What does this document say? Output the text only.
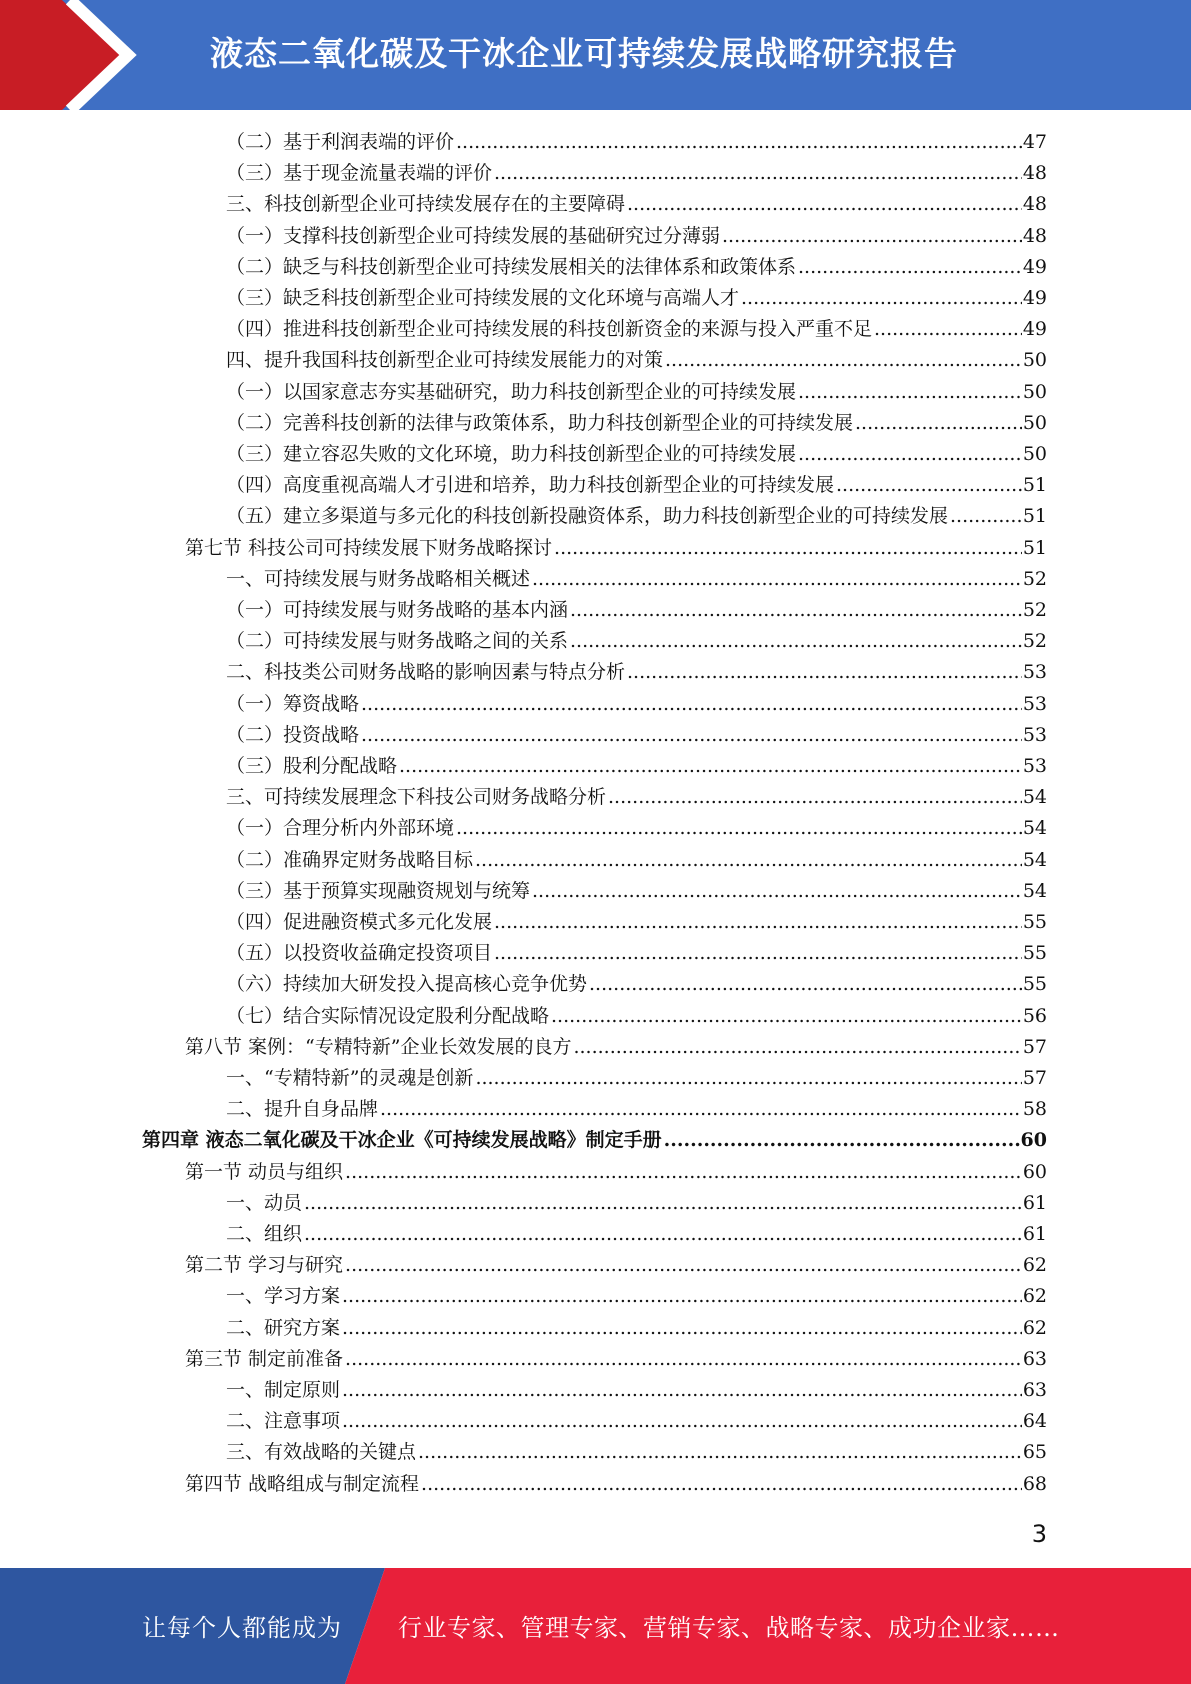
液态二氧化碳及干冰企业可持续发展战略研究报告
（二）基于利润表端的评价 .....	47
（三）基于现金流量表端的评价 .....	48
三、科技创新型企业可持续发展存在的主要障碍 .....	48
（一）支撑科技创新型企业可持续发展的基础研究过分薄弱 .....	48
（二）缺乏与科技创新型企业可持续发展相关的法律体系和政策体系 .....	49
（三）缺乏科技创新型企业可持续发展的文化环境与高端人才 .....	49
（四）推进科技创新型企业可持续发展的科技创新资金的来源与投入严重不足 .....	49
四、提升我国科技创新型企业可持续发展能力的对策 .....	50
（一）以国家意志夯实基础研究，助力科技创新型企业的可持续发展 .....	50
（二）完善科技创新的法律与政策体系，助力科技创新型企业的可持续发展 .....	50
（三）建立容忍失败的文化环境，助力科技创新型企业的可持续发展 .....	50
（四）高度重视高端人才引进和培养，助力科技创新型企业的可持续发展 .....	51
（五）建立多渠道与多元化的科技创新投融资体系，助力科技创新型企业的可持续发展 .....	51
第七节 科技公司可持续发展下财务战略探讨 .....	51
一、可持续发展与财务战略相关概述 .....	52
（一）可持续发展与财务战略的基本内涵 .....	52
（二）可持续发展与财务战略之间的关系 .....	52
二、科技类公司财务战略的影响因素与特点分析 .....	53
（一）筹资战略 .....	53
（二）投资战略 .....	53
（三）股利分配战略 .....	53
三、可持续发展理念下科技公司财务战略分析 .....	54
（一）合理分析内外部环境 .....	54
（二）准确界定财务战略目标 .....	54
（三）基于预算实现融资规划与统筹 .....	54
（四）促进融资模式多元化发展 .....	55
（五）以投资收益确定投资项目 .....	55
（六）持续加大研发投入提高核心竞争优势 .....	55
（七）结合实际情况设定股利分配战略 .....	56
第八节 案例：“专精特新”企业长效发展的良方 .....	57
一、“专精特新”的灵魂是创新 .....	57
二、提升自身品牌 .....	58
第四章 液态二氧化碳及干冰企业《可持续发展战略》制定手册 .....	60
第一节 动员与组织 .....	60
一、动员 .....	61
二、组织 .....	61
第二节 学习与研究 .....	62
一、学习方案 .....	62
二、研究方案 .....	62
第三节 制定前准备 .....	63
一、制定原则 .....	63
二、注意事项 .....	64
三、有效战略的关键点 .....	65
第四节 战略组成与制定流程 .....	68
3
让每个人都能成为 行业专家、管理专家、营销专家、战略专家、成功企业家……
